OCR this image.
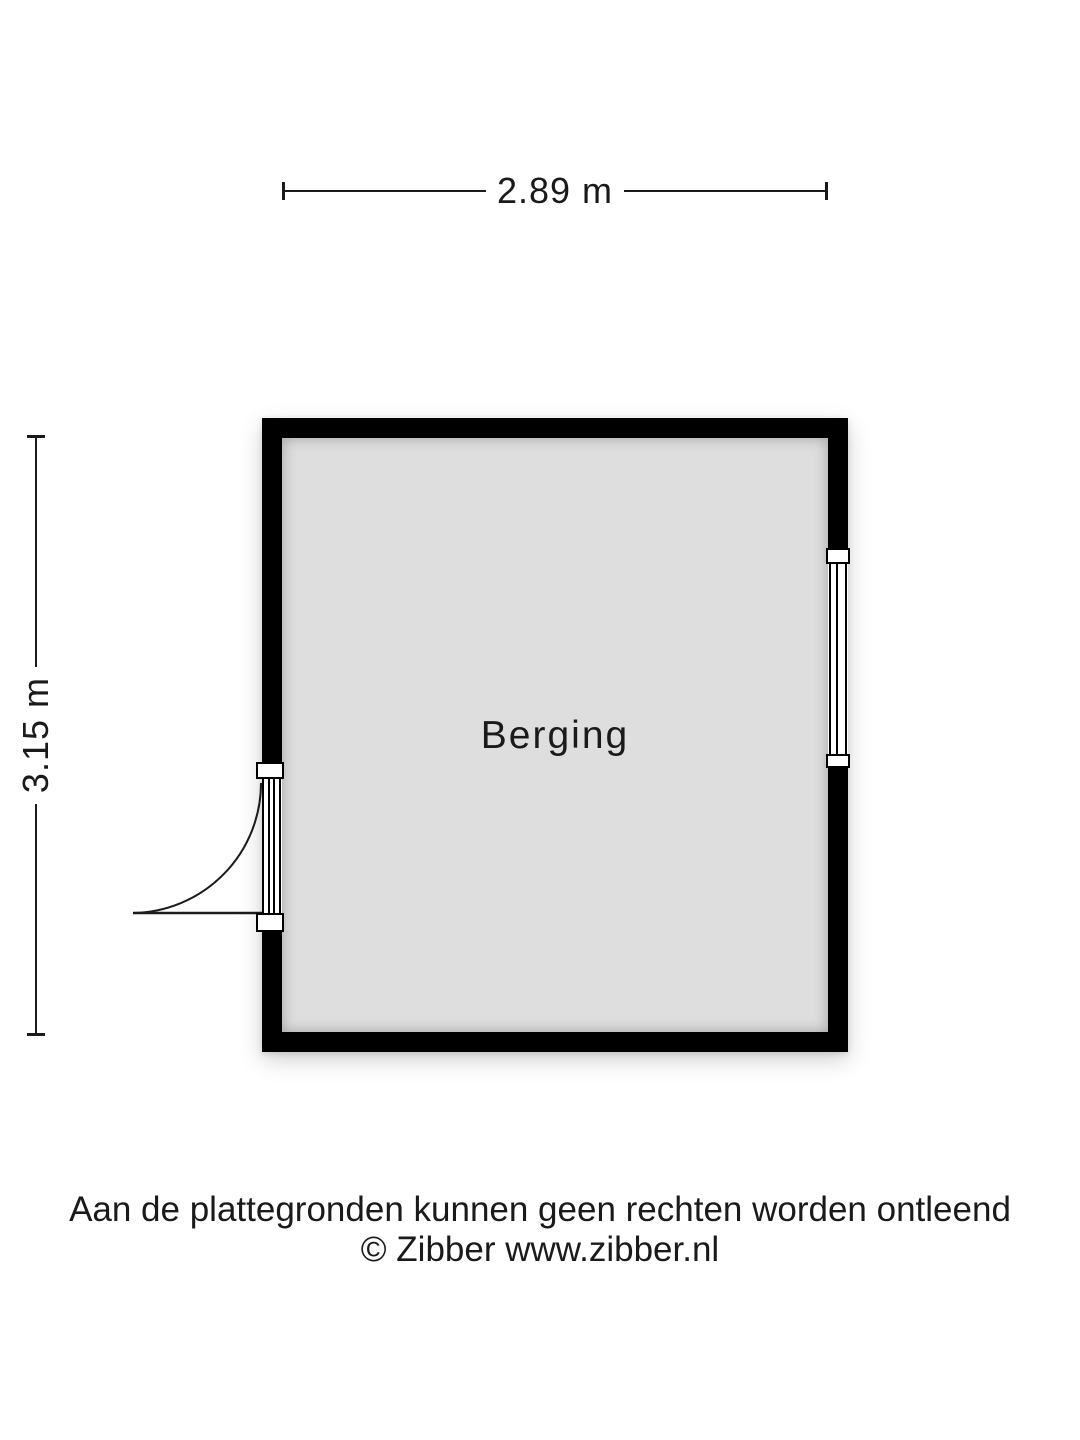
2.89 m
3.15 m	Berging
Aan de plattegronden kunnen geen rechten worden ontleend
© Zibber www.zibber.nl
